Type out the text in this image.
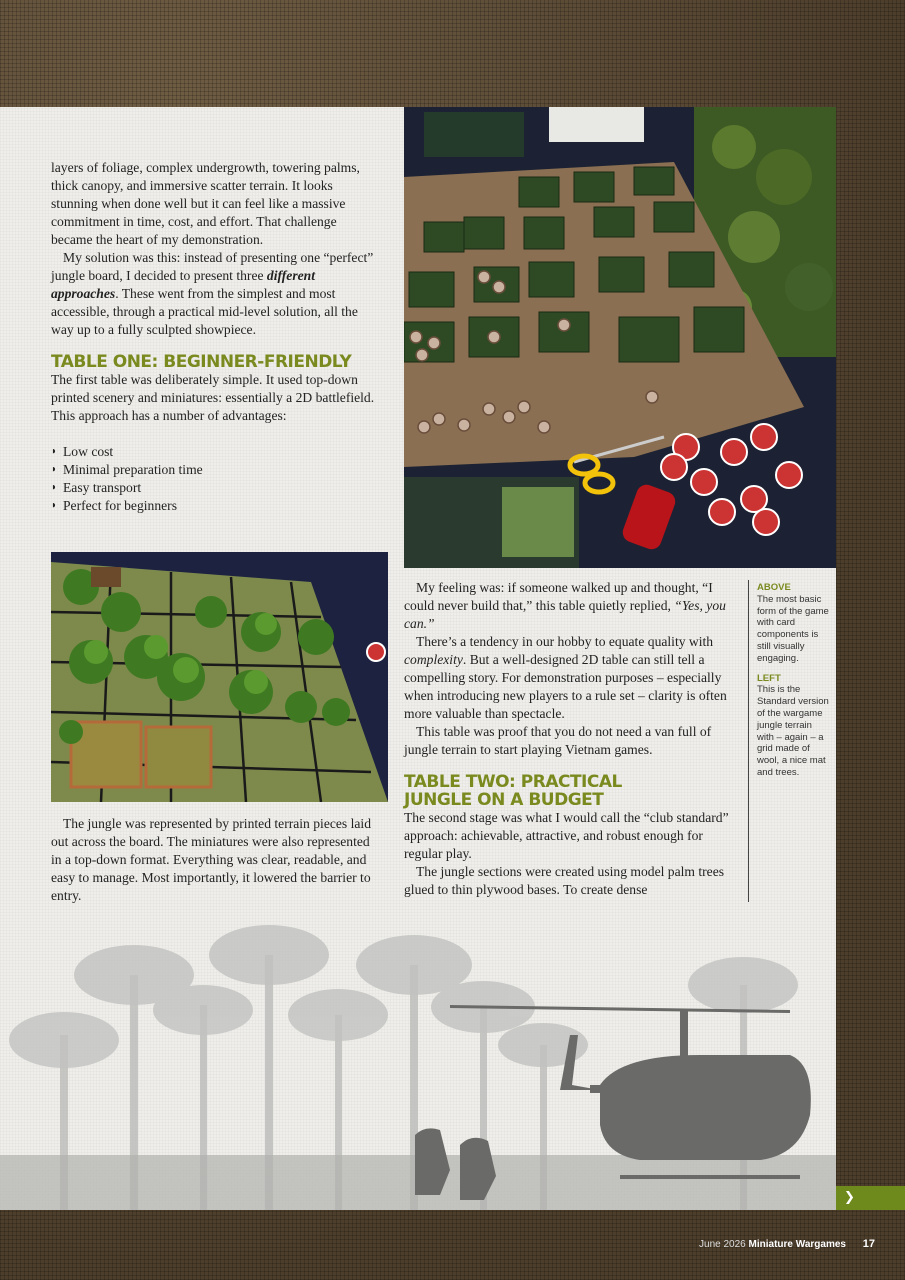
layers of foliage, complex undergrowth, towering palms, thick canopy, and immersive scatter terrain. It looks stunning when done well but it can feel like a massive commitment in time, cost, and effort. That challenge became the heart of my demonstration.

My solution was this: instead of presenting one “perfect” jungle board, I decided to present three different approaches. These went from the simplest and most accessible, through a practical mid-level solution, all the way up to a fully sculpted showpiece.

TABLE ONE: BEGINNER-FRIENDLY

The first table was deliberately simple. It used top-down printed scenery and miniatures: essentially a 2D battlefield. This approach has a number of advantages:

◗ Low cost
◗ Minimal preparation time
◗ Easy transport
◗ Perfect for beginners

The jungle was represented by printed terrain pieces laid out across the board. The miniatures were also represented in a top-down format. Everything was clear, readable, and easy to manage. Most importantly, it lowered the barrier to entry.

My feeling was: if someone walked up and thought, “I could never build that,” this table quietly replied, “Yes, you can.”

There’s a tendency in our hobby to equate quality with complexity. But a well-designed 2D table can still tell a compelling story. For demonstration purposes – especially when introducing new players to a rule set – clarity is often more valuable than spectacle.

This table was proof that you do not need a van full of jungle terrain to start playing Vietnam games.

TABLE TWO: PRACTICAL
JUNGLE ON A BUDGET

The second stage was what I would call the “club standard” approach: achievable, attractive, and robust enough for regular play.

The jungle sections were created using model palm trees glued to thin plywood bases. To create dense

ABOVE
The most basic form of the game with card components is still visually engaging.

LEFT
This is the Standard version of the wargame jungle terrain with – again – a grid made of wool, a nice mat and trees.

❯
June 2026 Miniature Wargames 17
